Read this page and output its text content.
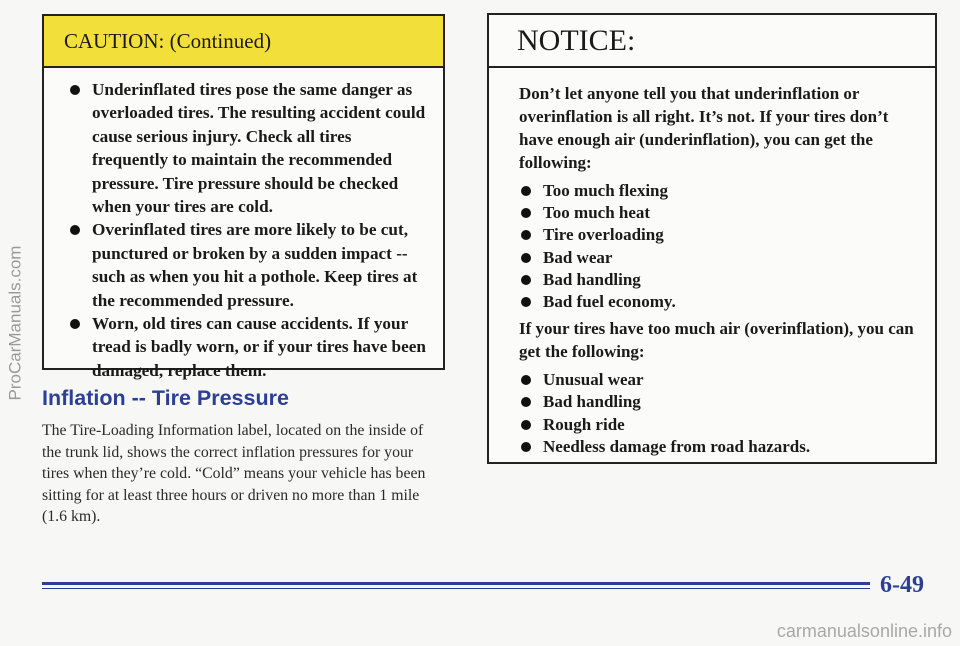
ProCarManuals.com
CAUTION: (Continued)
Underinflated tires pose the same danger as overloaded tires. The resulting accident could cause serious injury. Check all tires frequently to maintain the recommended pressure. Tire pressure should be checked when your tires are cold.
Overinflated tires are more likely to be cut, punctured or broken by a sudden impact -- such as when you hit a pothole. Keep tires at the recommended pressure.
Worn, old tires can cause accidents. If your tread is badly worn, or if your tires have been damaged, replace them.
Inflation -- Tire Pressure

The Tire-Loading Information label, located on the inside of the trunk lid, shows the correct inflation pressures for your tires when they’re cold. “Cold” means your vehicle has been sitting for at least three hours or driven no more than 1 mile (1.6 km).

NOTICE:

Don’t let anyone tell you that underinflation or overinflation is all right. It’s not. If your tires don’t have enough air (underinflation), you can get the following:

Too much flexing
Too much heat
Tire overloading
Bad wear
Bad handling
Bad fuel economy.

If your tires have too much air (overinflation), you can get the following:

Unusual wear
Bad handling
Rough ride
Needless damage from road hazards.
6-49
carmanualsonline.info
